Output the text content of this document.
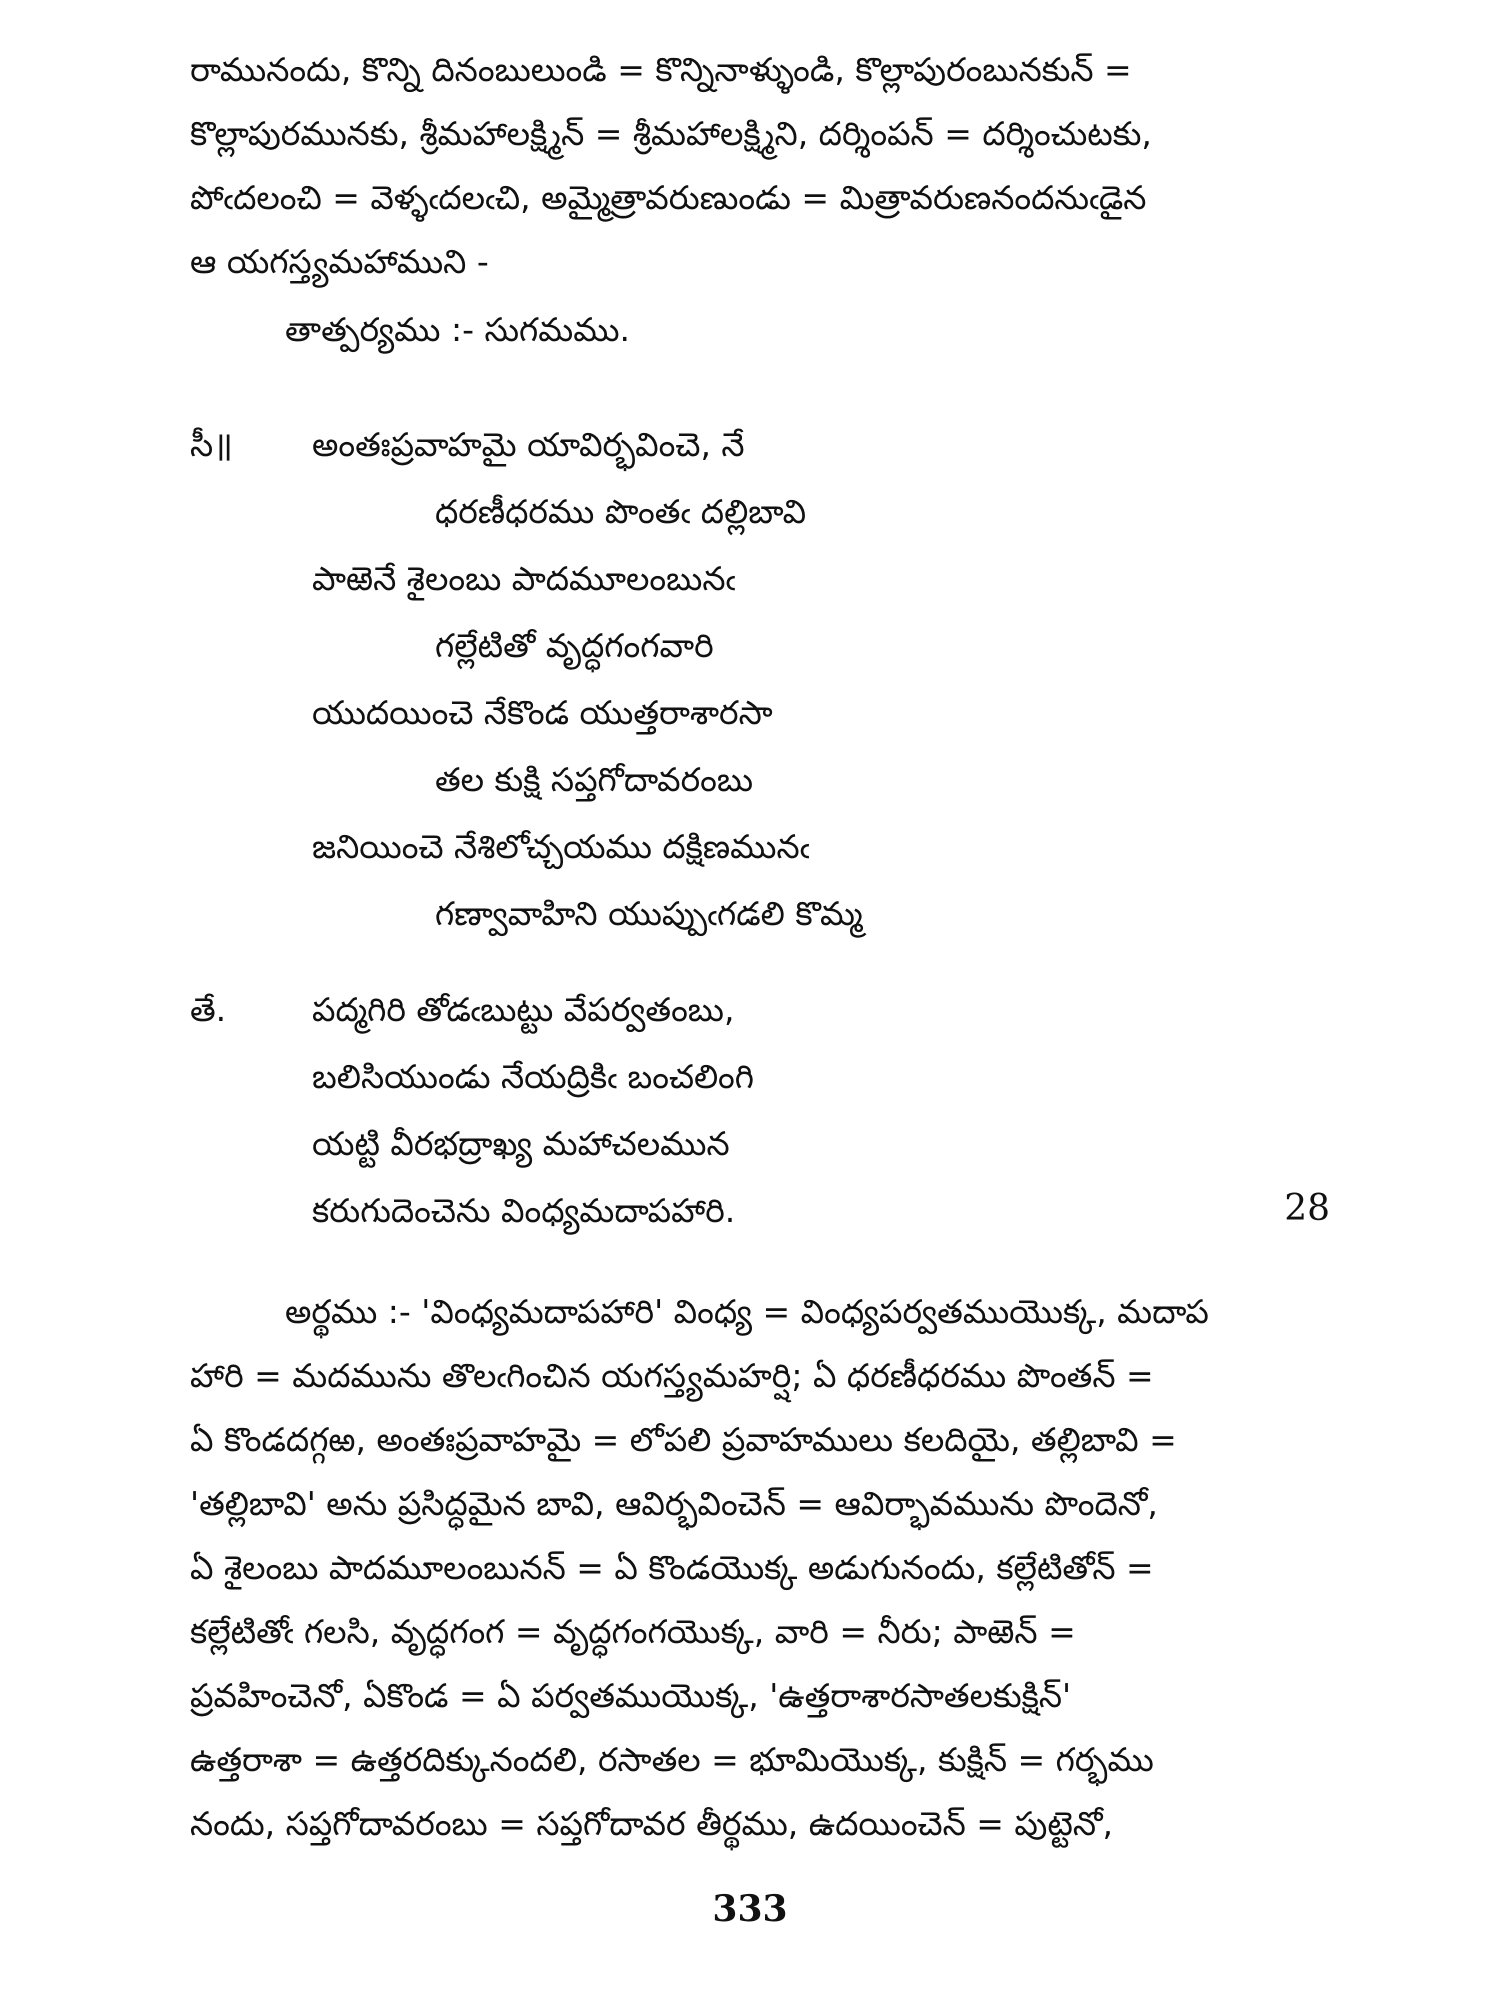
రామునందు, కొన్ని దినంబులుండి = కొన్నినాళ్ళుండి, కొల్లాపురంబునకున్ =

కొల్లాపురమునకు, శ్రీమహాలక్ష్మిన్ = శ్రీమహాలక్ష్మిని, దర్శింపన్ = దర్శించుటకు,

పోఁదలంచి = వెళ్ళఁదలఁచి, అమ్మైత్రావరుణుండు = మిత్రావరుణనందనుఁడైన

ఆ యగస్త్యమహాముని -

తాత్పర్యము :- సుగమము.
సీ॥ అంతఃప్రవాహమై యావిర్భవించె, నే
ధరణీధరము పొంతఁ దల్లిబావి
పాఱెనే శైలంబు పాదమూలంబునఁ
గల్లేటితో వృద్ధగంగవారి
యుదయించె నేకొండ యుత్తరాశారసా
తల కుక్షి సప్తగోదావరంబు
జనియించె నేశిలోచ్చయము దక్షిణమునఁ
గణ్వావాహిని యుప్పుఁగడలి కొమ్మ
తే.	పద్మగిరి తోడఁబుట్టు వేపర్వతంబు,
బలిసియుండు నేయద్రికిఁ బంచలింగి
యట్టి వీరభద్రాఖ్య మహాచలమున
కరుగుదెంచెను వింధ్యమదాపహారి.	28

అర్థము :- 'వింధ్యమదాపహారి' వింధ్య = వింధ్యపర్వతముయొక్క, మదాప

హారి = మదమును తొలఁగించిన యగస్త్యమహర్షి; ఏ ధరణీధరము పొంతన్ =

ఏ కొండదగ్గఱ, అంతఃప్రవాహమై = లోపలి ప్రవాహములు కలదియై, తల్లిబావి =

'తల్లిబావి' అను ప్రసిద్ధమైన బావి, ఆవిర్భవించెన్ = ఆవిర్భావమును పొందెనో,

ఏ శైలంబు పాదమూలంబునన్ = ఏ కొండయొక్క అడుగునందు, కల్లేటితోన్ =

కల్లేటితోఁ గలసి, వృద్ధగంగ = వృద్ధగంగయొక్క, వారి = నీరు; పాఱెన్ =

ప్రవహించెనో, ఏకొండ = ఏ పర్వతముయొక్క, 'ఉత్తరాశారసాతలకుక్షిన్'

ఉత్తరాశా = ఉత్తరదిక్కునందలి, రసాతల = భూమియొక్క, కుక్షిన్ = గర్భము

నందు, సప్తగోదావరంబు = సప్తగోదావర తీర్థము, ఉదయించెన్ = పుట్టెనో,

333
